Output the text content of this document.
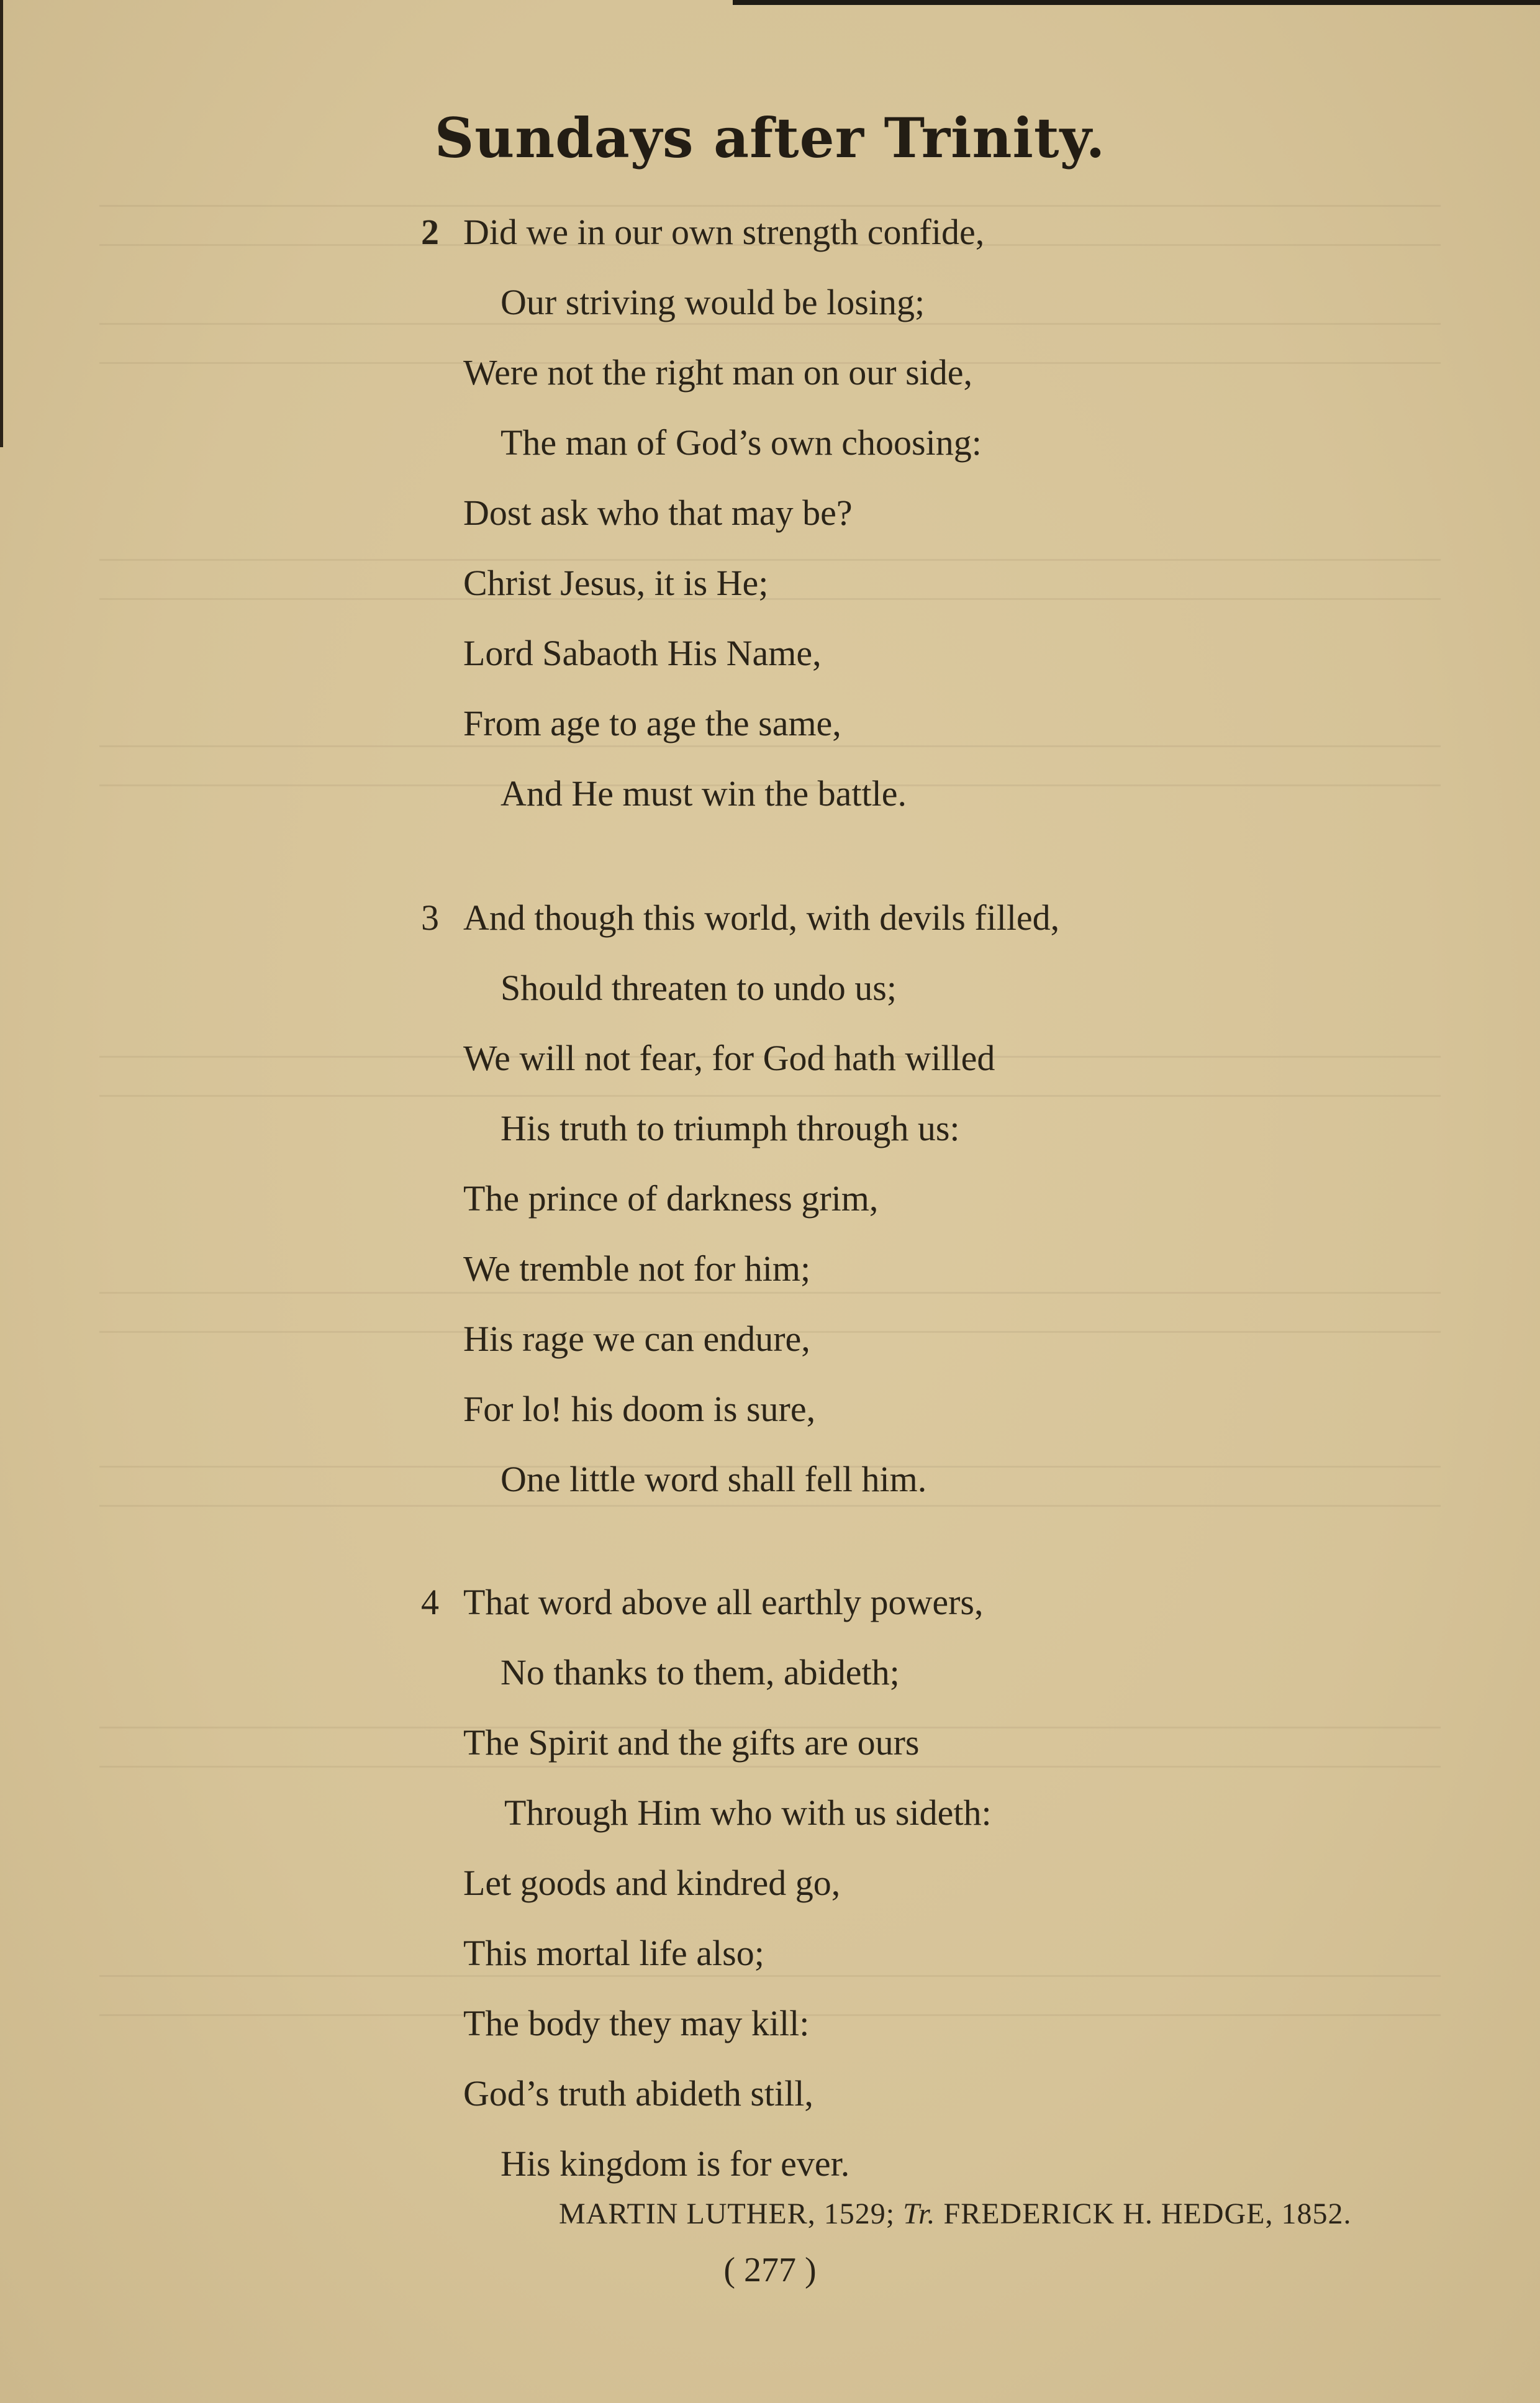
Sundays after Trinity.
2 Did we in our own strength confide,
Our striving would be losing;
Were not the right man on our side,
The man of God’s own choosing:
Dost ask who that may be?
Christ Jesus, it is He;
Lord Sabaoth His Name,
From age to age the same,
And He must win the battle.
3 And though this world, with devils filled,
Should threaten to undo us;
We will not fear, for God hath willed
His truth to triumph through us:
The prince of darkness grim,
We tremble not for him;
His rage we can endure,
For lo! his doom is sure,
One little word shall fell him.
4 That word above all earthly powers,
No thanks to them, abideth;
The Spirit and the gifts are ours
Through Him who with us sideth:
Let goods and kindred go,
This mortal life also;
The body they may kill:
God’s truth abideth still,
His kingdom is for ever.
MARTIN LUTHER, 1529; Tr. FREDERICK H. HEDGE, 1852.
( 277 )
